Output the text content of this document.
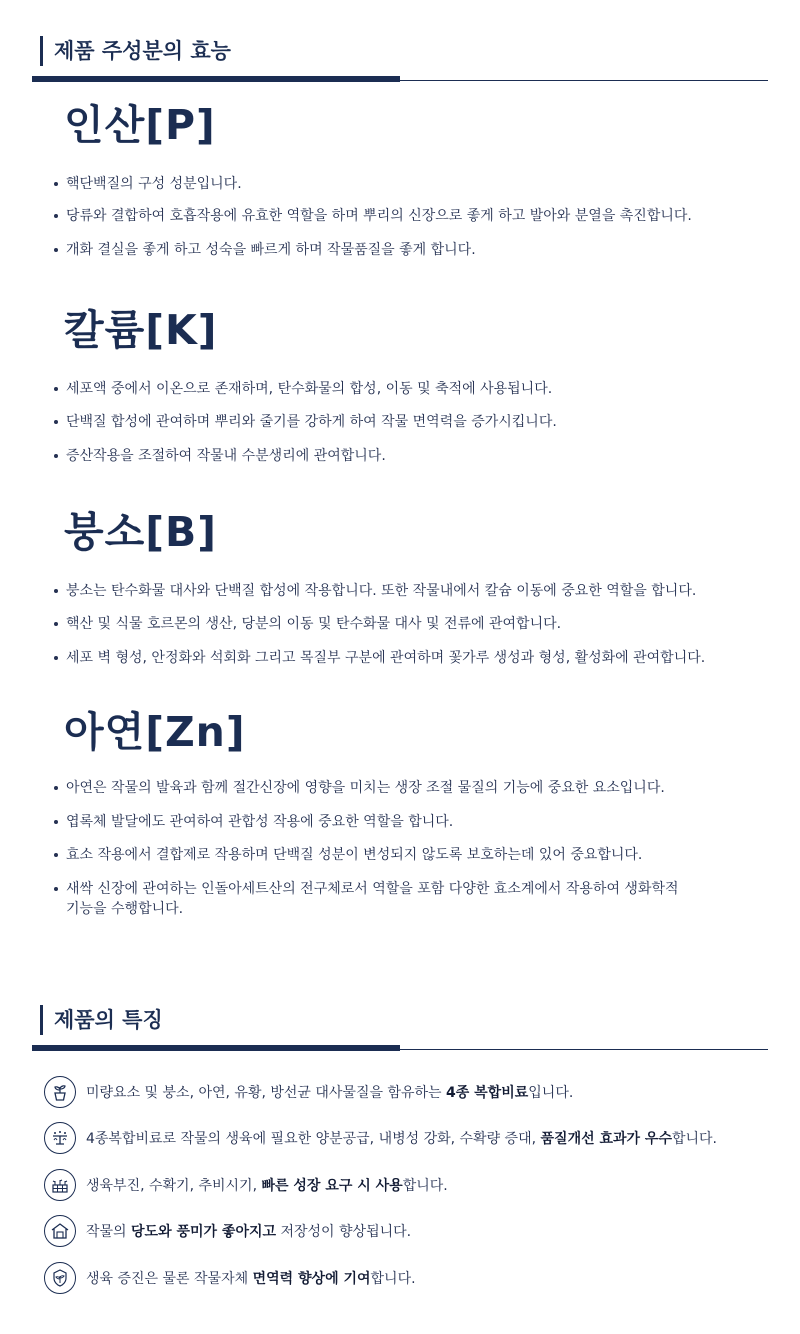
제품 주성분의 효능
인산[P]
핵단백질의 구성 성분입니다.
당류와 결합하여 호흡작용에 유효한 역할을 하며 뿌리의 신장으로 좋게 하고 발아와 분열을 촉진합니다.
개화 결실을 좋게 하고 성숙을 빠르게 하며 작물품질을 좋게 합니다.
칼륨[K]
세포액 중에서 이온으로 존재하며, 탄수화물의 합성, 이동 및 축적에 사용됩니다.
단백질 합성에 관여하며 뿌리와 줄기를 강하게 하여 작물 면역력을 증가시킵니다.
증산작용을 조절하여 작물내 수분생리에 관여합니다.
붕소[B]
붕소는 탄수화물 대사와 단백질 합성에 작용합니다. 또한 작물내에서 칼슘 이동에 중요한 역할을 합니다.
핵산 및 식물 호르몬의 생산, 당분의 이동 및 탄수화물 대사 및 전류에 관여합니다.
세포 벽 형성, 안정화와 석회화 그리고 목질부 구분에 관여하며 꽃가루 생성과 형성, 활성화에 관여합니다.
아연[Zn]
아연은 작물의 발육과 함께 절간신장에 영향을 미치는 생장 조절 물질의 기능에 중요한 요소입니다.
엽록체 발달에도 관여하여 관합성 작용에 중요한 역할을 합니다.
효소 작용에서 결합제로 작용하며 단백질 성분이 변성되지 않도록 보호하는데 있어 중요합니다.
새싹 신장에 관여하는 인돌아세트산의 전구체로서 역할을 포함 다양한 효소계에서 작용하여 생화학적
기능을 수행합니다.
제품의 특징
미량요소 및 붕소, 아연, 유황, 방선균 대사물질을 함유하는 4종 복합비료입니다.
4종복합비료로 작물의 생육에 필요한 양분공급, 내병성 강화, 수확량 증대, 품질개선 효과가 우수합니다.
생육부진, 수확기, 추비시기, 빠른 성장 요구 시 사용합니다.
작물의 당도와 풍미가 좋아지고 저장성이 향상됩니다.
생육 증진은 물론 작물자체 면역력 향상에 기여합니다.
